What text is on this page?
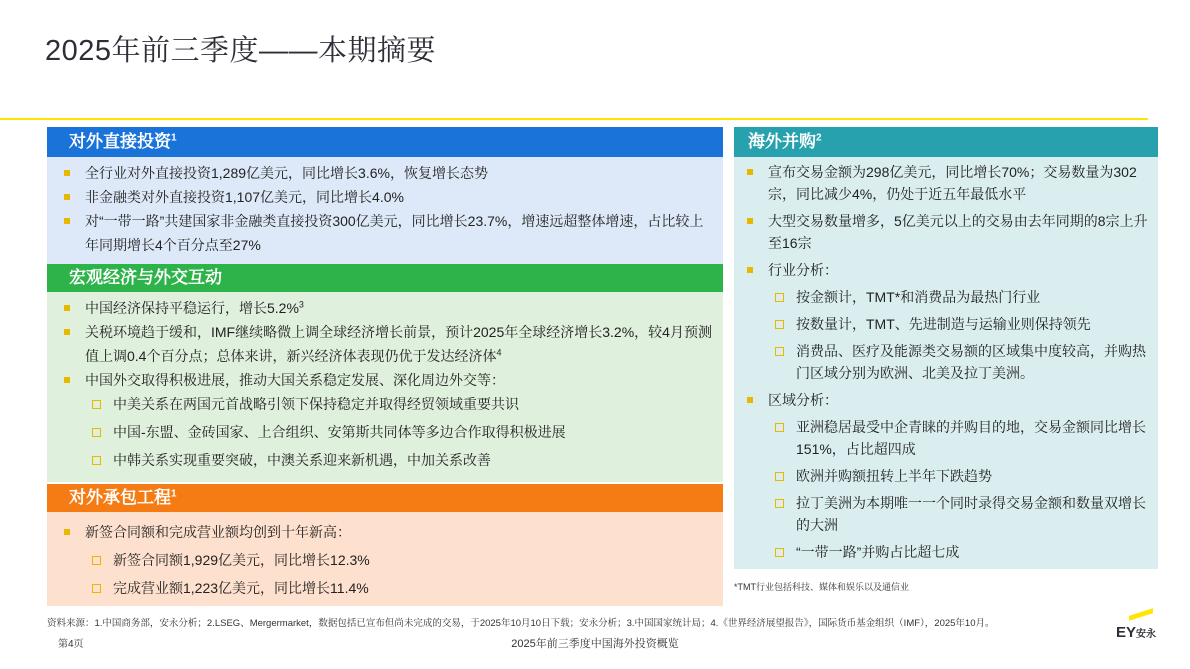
2025年前三季度——本期摘要
对外直接投资$^1$
全行业对外直接投资1,289亿美元，同比增长3.6%，恢复增长态势
非金融类对外直接投资1,107亿美元，同比增长4.0%
对“一带一路”共建国家非金融类直接投资300亿美元，同比增长23.7%，增速远超整体增速，占比较上年同期增长4个百分点至27%
宏观经济与外交互动
中国经济保持平稳运行，增长5.2%$^3$
关税环境趋于缓和，IMF继续略微上调全球经济增长前景，预计2025年全球经济增长3.2%，较4月预测值上调0.4个百分点；总体来讲，新兴经济体表现仍优于发达经济体$^4$
中国外交取得积极进展，推动大国关系稳定发展、深化周边外交等：
中美关系在两国元首战略引领下保持稳定并取得经贸领域重要共识
中国-东盟、金砖国家、上合组织、安第斯共同体等多边合作取得积极进展
中韩关系实现重要突破，中澳关系迎来新机遇，中加关系改善
对外承包工程$^1$
新签合同额和完成营业额均创到十年新高：
新签合同额1,929亿美元，同比增长12.3%
完成营业额1,223亿美元，同比增长11.4%
海外并购$^2$
宣布交易金额为298亿美元，同比增长70%；交易数量为302宗，同比减少4%，仍处于近五年最低水平
大型交易数量增多，5亿美元以上的交易由去年同期的8宗上升至16宗
行业分析：
按金额计，TMT*和消费品为最热门行业
按数量计，TMT、先进制造与运输业则保持领先
消费品、医疗及能源类交易额的区域集中度较高，并购热门区域分别为欧洲、北美及拉丁美洲。
区域分析：
亚洲稳居最受中企青睐的并购目的地，交易金额同比增长151%，占比超四成
欧洲并购额扭转上半年下跌趋势
拉丁美洲为本期唯一一个同时录得交易金额和数量双增长的大洲
“一带一路”并购占比超七成
*TMT行业包括科技、媒体和娱乐以及通信业
资料来源：1.中国商务部，安永分析；2.LSEG、Mergermarket，数据包括已宣布但尚未完成的交易，于2025年10月10日下载；安永分析；3.中国国家统计局；4.《世界经济展望报告》，国际货币基金组织（IMF），2025年10月。
2025年前三季度中国海外投资概览
第4页
EY安永
